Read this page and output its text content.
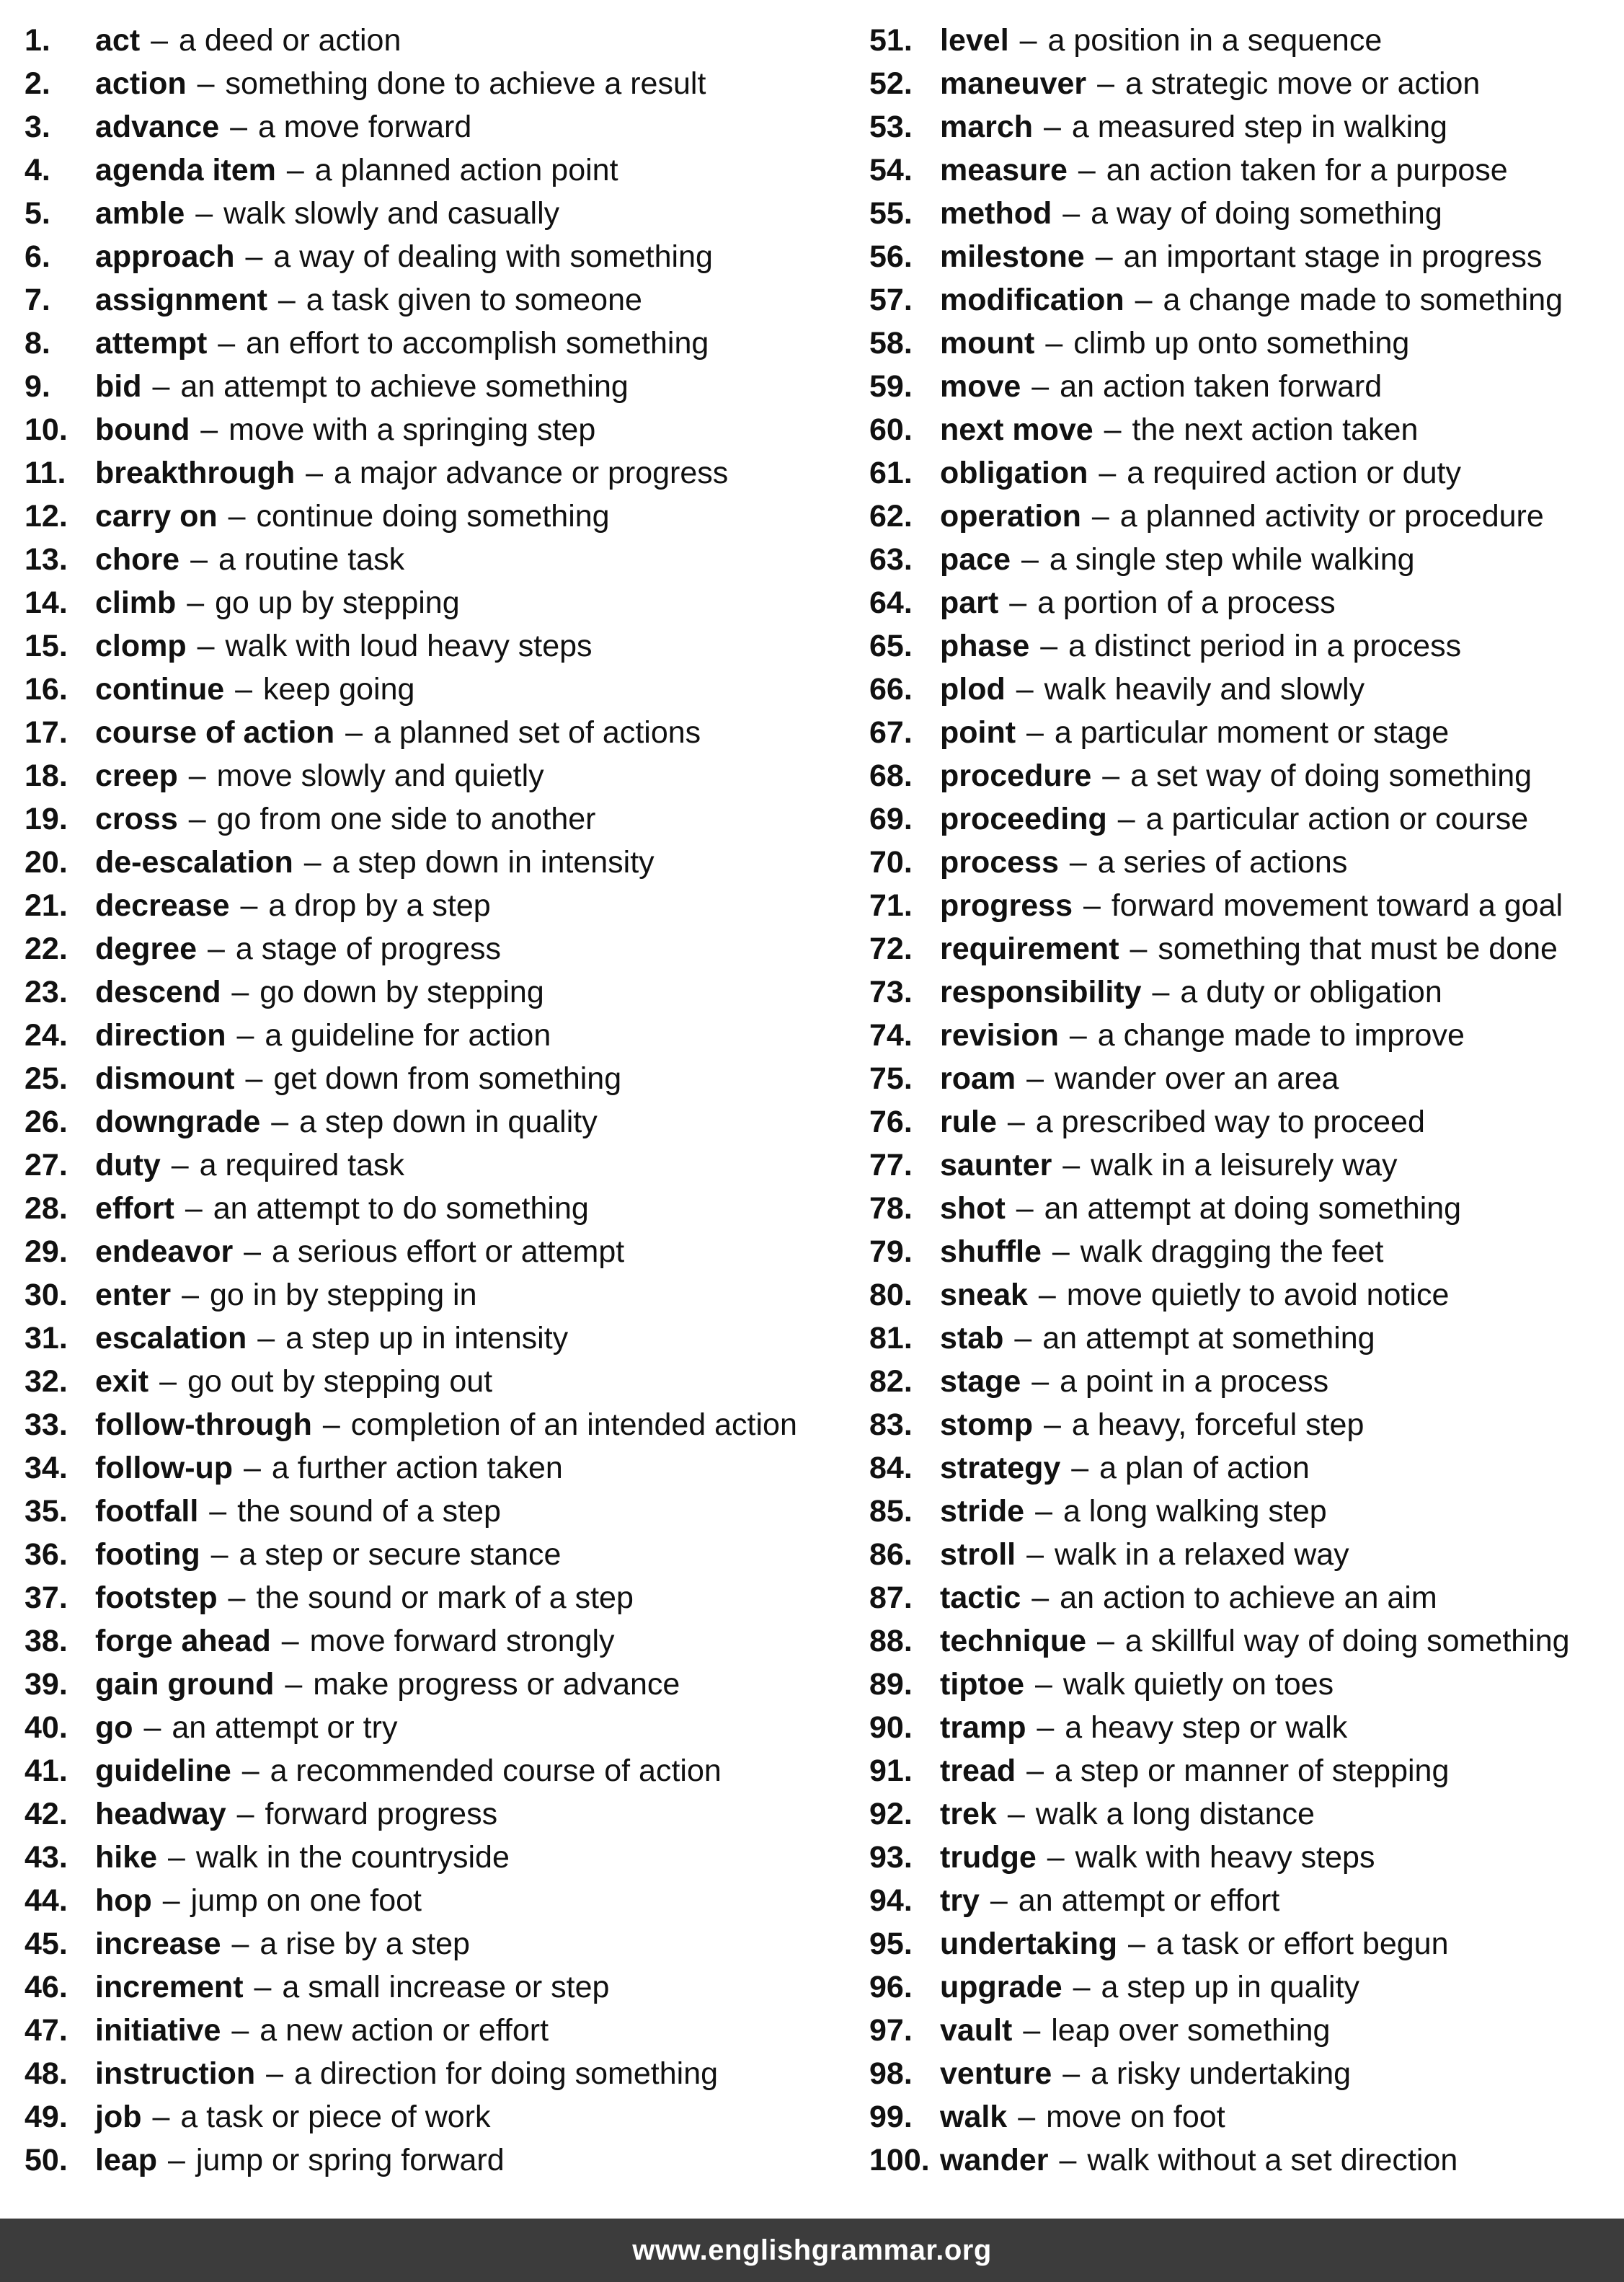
1. act – a deed or action
2. action – something done to achieve a result
3. advance – a move forward
4. agenda item – a planned action point
5. amble – walk slowly and casually
6. approach – a way of dealing with something
7. assignment – a task given to someone
8. attempt – an effort to accomplish something
9. bid – an attempt to achieve something
10. bound – move with a springing step
11. breakthrough – a major advance or progress
12. carry on – continue doing something
13. chore – a routine task
14. climb – go up by stepping
15. clomp – walk with loud heavy steps
16. continue – keep going
17. course of action – a planned set of actions
18. creep – move slowly and quietly
19. cross – go from one side to another
20. de-escalation – a step down in intensity
21. decrease – a drop by a step
22. degree – a stage of progress
23. descend – go down by stepping
24. direction – a guideline for action
25. dismount – get down from something
26. downgrade – a step down in quality
27. duty – a required task
28. effort – an attempt to do something
29. endeavor – a serious effort or attempt
30. enter – go in by stepping in
31. escalation – a step up in intensity
32. exit – go out by stepping out
33. follow-through – completion of an intended action
34. follow-up – a further action taken
35. footfall – the sound of a step
36. footing – a step or secure stance
37. footstep – the sound or mark of a step
38. forge ahead – move forward strongly
39. gain ground – make progress or advance
40. go – an attempt or try
41. guideline – a recommended course of action
42. headway – forward progress
43. hike – walk in the countryside
44. hop – jump on one foot
45. increase – a rise by a step
46. increment – a small increase or step
47. initiative – a new action or effort
48. instruction – a direction for doing something
49. job – a task or piece of work
50. leap – jump or spring forward
51. level – a position in a sequence
52. maneuver – a strategic move or action
53. march – a measured step in walking
54. measure – an action taken for a purpose
55. method – a way of doing something
56. milestone – an important stage in progress
57. modification – a change made to something
58. mount – climb up onto something
59. move – an action taken forward
60. next move – the next action taken
61. obligation – a required action or duty
62. operation – a planned activity or procedure
63. pace – a single step while walking
64. part – a portion of a process
65. phase – a distinct period in a process
66. plod – walk heavily and slowly
67. point – a particular moment or stage
68. procedure – a set way of doing something
69. proceeding – a particular action or course
70. process – a series of actions
71. progress – forward movement toward a goal
72. requirement – something that must be done
73. responsibility – a duty or obligation
74. revision – a change made to improve
75. roam – wander over an area
76. rule – a prescribed way to proceed
77. saunter – walk in a leisurely way
78. shot – an attempt at doing something
79. shuffle – walk dragging the feet
80. sneak – move quietly to avoid notice
81. stab – an attempt at something
82. stage – a point in a process
83. stomp – a heavy, forceful step
84. strategy – a plan of action
85. stride – a long walking step
86. stroll – walk in a relaxed way
87. tactic – an action to achieve an aim
88. technique – a skillful way of doing something
89. tiptoe – walk quietly on toes
90. tramp – a heavy step or walk
91. tread – a step or manner of stepping
92. trek – walk a long distance
93. trudge – walk with heavy steps
94. try – an attempt or effort
95. undertaking – a task or effort begun
96. upgrade – a step up in quality
97. vault – leap over something
98. venture – a risky undertaking
99. walk – move on foot
100. wander – walk without a set direction
www.englishgrammar.org
